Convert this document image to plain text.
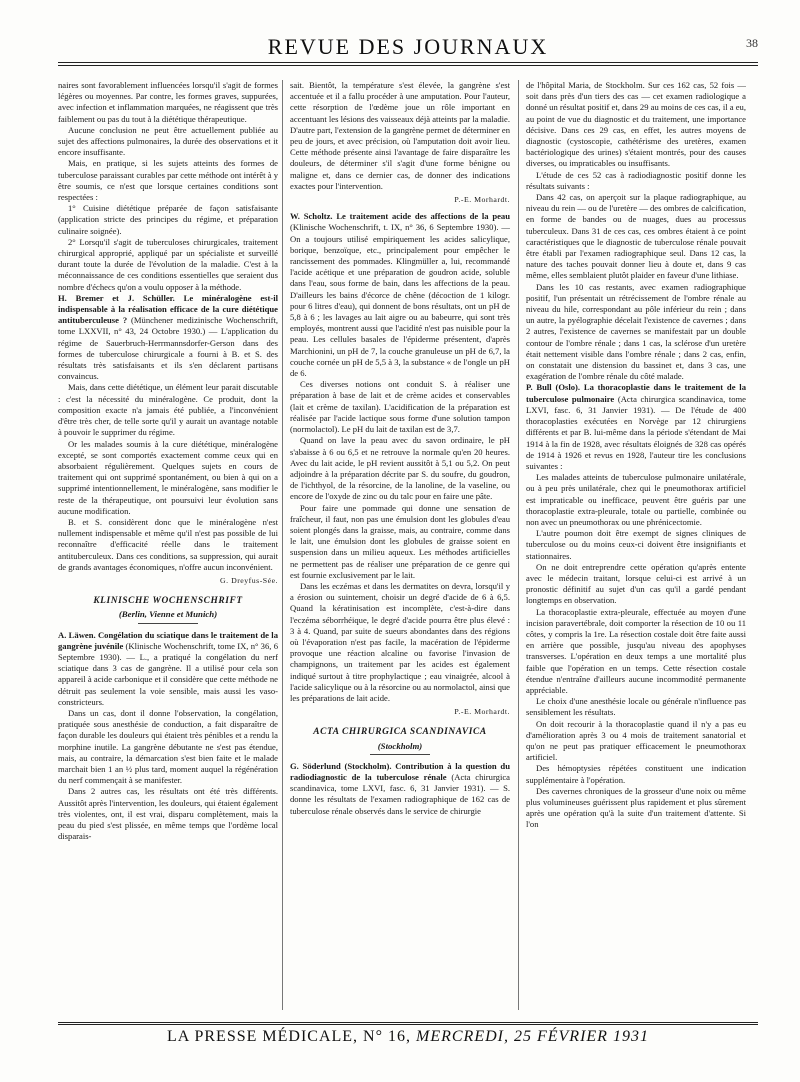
REVUE DES JOURNAUX	38

naires sont favorablement influencées lorsqu'il s'agit de formes légères ou moyennes. Par contre, les formes graves, suppurées, avec infection et inflammation marquées, ne réagissent que très faiblement ou pas du tout à la diététique thérapeutique.

Aucune conclusion ne peut être actuellement publiée au sujet des affections pulmonaires, la durée des observations et it encore insuffisante.

Mais, en pratique, si les sujets atteints des formes de tuberculose paraissant curables par cette méthode ont intérêt à y être soumis, ce n'est que lorsque certaines conditions sont respectées :

1° Cuisine diététique préparée de façon satisfaisante (application stricte des principes du régime, et préparation culinaire soignée).

2° Lorsqu'il s'agit de tuberculoses chirurgicales, traitement chirurgical approprié, appliqué par un spécialiste et surveillé durant toute la durée de l'évolution de la maladie. C'est à la méconnaissance de ces conditions essentielles que seraient dus nombre d'échecs qu'on a voulu opposer à la méthode.

H. Bremer et J. Schüller. Le minéralogène est-il indispensable à la réalisation efficace de la cure diététique antituberculeuse ? (Münchener medizinische Wochenschrift, tome LXXVII, n° 43, 24 Octobre 1930.) — L'application du régime de Sauerbruch-Herrmannsdorfer-Gerson dans des formes de tuberculose chirurgicale a fourni à B. et S. des résultats très satisfaisants et ils s'en déclarent partisans convaincus.

Mais, dans cette diététique, un élément leur parait discutable : c'est la nécessité du minéralogène. Ce produit, dont la composition exacte n'a jamais été publiée, a l'inconvénient d'être très cher, de telle sorte qu'il y aurait un avantage notable à pouvoir le supprimer du régime.

Or les malades soumis à la cure diététique, minéralogène excepté, se sont comportés exactement comme ceux qui en absorbaient régulièrement. Quelques sujets en cours de traitement qui ont supprimé spontanément, ou bien à qui on a supprimé intentionnellement, le minéralogène, sans modifier le reste de la thérapeutique, ont poursuivi leur évolution sans aucune modification.

B. et S. considèrent donc que le minéralogène n'est nullement indispensable et même qu'il n'est pas possible de lui reconnaître d'efficacité réelle dans le traitement antituberculeux. Dans ces conditions, sa suppression, qui aurait de grands avantages économiques, n'offre aucun inconvénient.

G. Dreyfus-Sée.
KLINISCHE WOCHENSCHRIFT
(Berlin, Vienne et Munich)

A. Läwen. Congélation du sciatique dans le traitement de la gangrène juvénile (Klinische Wochenschrift, tome IX, n° 36, 6 Septembre 1930). — L., a pratiqué la congélation du nerf sciatique dans 3 cas de gangrène. Il a utilisé pour cela son appareil à acide carbonique et il considère que cette méthode ne détruit pas seulement la voie sensible, mais aussi les vaso-constricteurs.

Dans un cas, dont il donne l'observation, la congélation, pratiquée sous anesthésie de conduction, a fait disparaître de façon durable les douleurs qui étaient très pénibles et a rendu la morphine inutile. La gangrène débutante ne s'est pas étendue, mais, au contraire, la démarcation s'est bien faite et le malade marchait bien 1 an ½ plus tard, moment auquel la régénération du nerf commençait à se manifester.

Dans 2 autres cas, les résultats ont été très différents. Aussitôt après l'intervention, les douleurs, qui étaient également très violentes, ont, il est vrai, disparu complètement, mais la peau du pied s'est plissée, en même temps que l'ordème local disparais-

sait. Bientôt, la température s'est élevée, la gangrène s'est accentuée et il a fallu procéder à une amputation. Pour l'auteur, cette résorption de l'œdème joue un rôle important en accentuant les lésions des vaisseaux déjà atteints par la maladie. D'autre part, l'extension de la gangrène permet de déterminer en peu de jours, et avec précision, où l'amputation doit avoir lieu. Cette méthode présente ainsi l'avantage de faire disparaître les douleurs, de déterminer s'il s'agit d'une forme bénigne ou maligne et, dans ce dernier cas, de donner des indications exactes pour l'intervention.

P.-E. Morhardt.

W. Scholtz. Le traitement acide des affections de la peau (Klinische Wochenschrift, t. IX, n° 36, 6 Septembre 1930). — On a toujours utilisé empiriquement les acides salicylique, borique, benzoïque, etc., principalement pour empêcher le rancissement des pommades. Klingmüller a, lui, recommandé l'acide acétique et une préparation de goudron acide, soluble dans l'eau, sous forme de bain, dans les affections de la peau. D'ailleurs les bains d'écorce de chêne (décoction de 1 kilogr. pour 6 litres d'eau), qui donnent de bons résultats, ont un pH de 5,8 à 6 ; les lavages au lait aigre ou au babeurre, qui sont très employés, montrent aussi que l'acidité n'est pas nuisible pour la peau. Les cellules basales de l'épiderme présentent, d'après Marchionini, un pH de 7, la couche granuleuse un pH de 6,7, la couche cornée un pH de 5,5 à 3, la substance « de l'ongle un pH de 6.

Ces diverses notions ont conduit S. à réaliser une préparation à base de lait et de crème acides et conservables (lait et crème de taxilan). L'acidification de la préparation est réalisée par l'acide lactique sous forme d'une solution tampon (normolactol). Le pH du lait de taxilan est de 3,7.

Quand on lave la peau avec du savon ordinaire, le pH s'abaisse à 6 ou 6,5 et ne retrouve la normale qu'en 20 heures. Avec du lait acide, le pH revient aussitôt à 5,1 ou 5,2. On peut adjoindre à la préparation décrite par S. du soufre, du goudron, de l'ichthyol, de la résorcine, de la lanoline, de la vaseline, ou encore de l'oxyde de zinc ou du talc pour en faire une pâte.

Pour faire une pommade qui donne une sensation de fraîcheur, il faut, non pas une émulsion dont les globules d'eau soient plongés dans la graisse, mais, au contraire, comme dans le lait, une émulsion dont les globules de graisse soient en suspension dans un milieu aqueux. Les méthodes artificielles ne permettent pas de réaliser une préparation de ce genre qui est fournie exclusivement par le lait.

Dans les eczémas et dans les dermatites on devra, lorsqu'il y a érosion ou suintement, choisir un degré d'acide de 6 à 6,5. Quand la kératinisation est incomplète, c'est-à-dire dans l'eczéma séborrhéique, le degré d'acide pourra être plus élevé : 3 à 4. Quand, par suite de sueurs abondantes dans des régions où l'évaporation n'est pas facile, la macération de l'épiderme provoque une réaction alcaline ou favorise l'invasion de champignons, un traitement par les acides est également indiqué surtout à titre prophylactique ; eau vinaigrée, alcool à l'acide salicylique ou à la résorcine ou au normolactol, ainsi que les préparations de lait acide.

P.-E. Morhardt.
ACTA CHIRURGICA SCANDINAVICA
(Stockholm)

G. Söderlund (Stockholm). Contribution à la question du radiodiagnostic de la tuberculose rénale (Acta chirurgica scandinavica, tome LXVI, fasc. 6, 31 Janvier 1931). — S. donne les résultats de l'examen radiographique de 162 cas de tuberculose rénale observés dans le service de chirurgie

de l'hôpital Maria, de Stockholm. Sur ces 162 cas, 52 fois — soit dans près d'un tiers des cas — cet examen radiologique a donné un résultat positif et, dans 29 au moins de ces cas, il a eu, au point de vue du diagnostic et du traitement, une importance décisive. Dans ces 29 cas, en effet, les autres moyens de diagnostic (cystoscopie, cathétérisme des uretères, examen bactériologique des urines) s'étaient montrés, pour des causes diverses, ou impraticables ou insuffisants.

L'étude de ces 52 cas à radiodiagnostic positif donne les résultats suivants :

Dans 42 cas, on aperçoit sur la plaque radiographique, au niveau du rein — ou de l'uretère — des ombres de calcification, en forme de bandes ou de nuages, dues au processus tuberculeux. Dans 31 de ces cas, ces ombres étaient à ce point caractéristiques que le diagnostic de tuberculose rénale pouvait être établi par l'examen radiographique seul. Dans 12 cas, la nature des taches pouvait donner lieu à doute et, dans 9 cas même, elles semblaient plutôt plaider en faveur d'une lithiase.

Dans les 10 cas restants, avec examen radiographique positif, l'un présentait un rétrécissement de l'ombre rénale au niveau du hile, correspondant au pôle inférieur du rein ; dans un autre, la pyélographie décelait l'existence de cavernes ; dans 2 autres, l'existence de cavernes se manifestait par un double contour de l'ombre rénale ; dans 1 cas, la sclérose d'un uretère était nettement visible dans l'ombre rénale ; dans 2 cas, enfin, on constatait une distension du bassinet et, dans 3 cas, une exagération de l'ombre rénale du côté malade.

P. Bull (Oslo). La thoracoplastie dans le traitement de la tuberculose pulmonaire (Acta chirurgica scandinavica, tome LXVI, fasc. 6, 31 Janvier 1931). — De l'étude de 400 thoracoplasties exécutées en Norvège par 12 chirurgiens différents et par B. lui-même dans la période s'étendant de Mai 1914 à la fin de 1928, avec résultats éloignés de 328 cas opérés de 1914 à 1926 et revus en 1928, l'auteur tire les conclusions suivantes :

Les malades atteints de tuberculose pulmonaire unilatérale, ou à peu près unilatérale, chez qui le pneumothorax artificiel est impraticable ou inefficace, peuvent être guéris par une thoracoplastie extra-pleurale, totale ou partielle, combinée ou non avec un pneumothorax ou une phrénicectomie.

L'autre poumon doit être exempt de signes cliniques de tuberculose ou du moins ceux-ci doivent être insignifiants et stationnaires.

On ne doit entreprendre cette opération qu'après entente avec le médecin traitant, lorsque celui-ci est arrivé à un pronostic définitif au sujet d'un cas qu'il a gardé pendant longtemps en observation.

La thoracoplastie extra-pleurale, effectuée au moyen d'une incision paravertébrale, doit comporter la résection de 10 ou 11 côtes, y compris la 1re. La résection costale doit être faite aussi en arrière que possible, jusqu'au niveau des apophyses transverses. L'opération en deux temps a une mortalité plus faible que l'opération en un temps. Cette résection costale étendue n'entraîne d'ailleurs aucune incommodité permanente appréciable.

Le choix d'une anesthésie locale ou générale n'influence pas sensiblement les résultats.

On doit recourir à la thoracoplastie quand il n'y a pas eu d'amélioration après 3 ou 4 mois de traitement sanatorial et qu'on ne peut pas pratiquer efficacement le pneumothorax artificiel.

Des hémoptysies répétées constituent une indication supplémentaire à l'opération.

Des cavernes chroniques de la grosseur d'une noix ou même plus volumineuses guérissent plus rapidement et plus sûrement après une opération qu'à la suite d'un traitement d'attente. Si l'on

LA PRESSE MÉDICALE, N° 16, MERCREDI, 25 FÉVRIER 1931
